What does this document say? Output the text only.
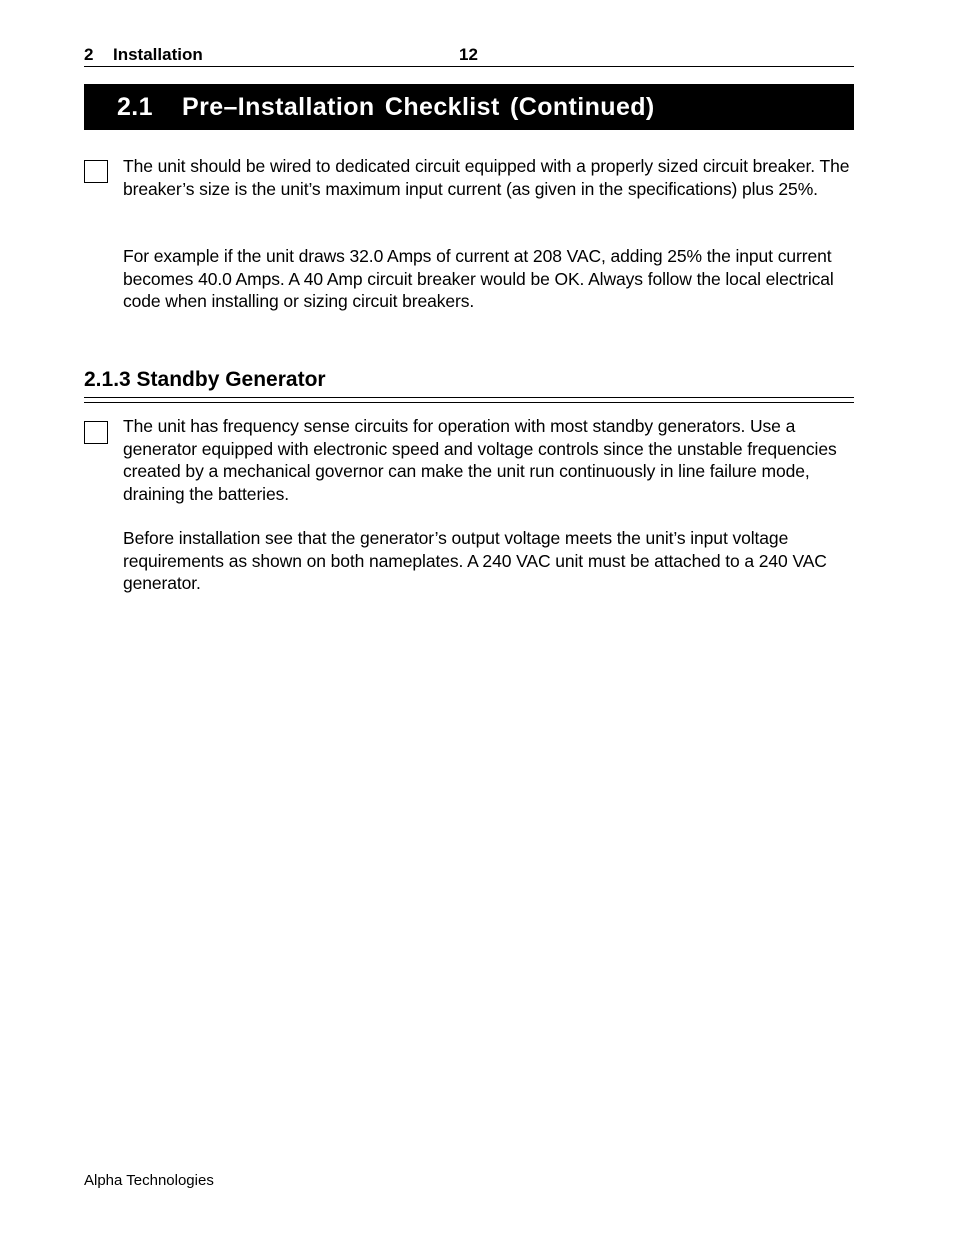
2 Installation	12
2.1 Pre–Installation Checklist (Continued)

The unit should be wired to dedicated circuit equipped with a properly sized circuit breaker. The breaker’s size is the unit’s maximum input current (as given in the specifications) plus 25%.

For example if the unit draws 32.0 Amps of current at 208 VAC, adding 25% the input current becomes 40.0 Amps. A 40 Amp circuit breaker would be OK. Always follow the local electrical code when installing or sizing circuit breakers.

2.1.3 Standby Generator

The unit has frequency sense circuits for operation with most standby generators. Use a generator equipped with electronic speed and voltage controls since the unstable frequencies created by a mechanical governor can make the unit run continuously in line failure mode, draining the batteries.

Before installation see that the generator’s output voltage meets the unit’s input voltage requirements as shown on both nameplates. A 240 VAC unit must be attached to a 240 VAC generator.

Alpha Technologies
